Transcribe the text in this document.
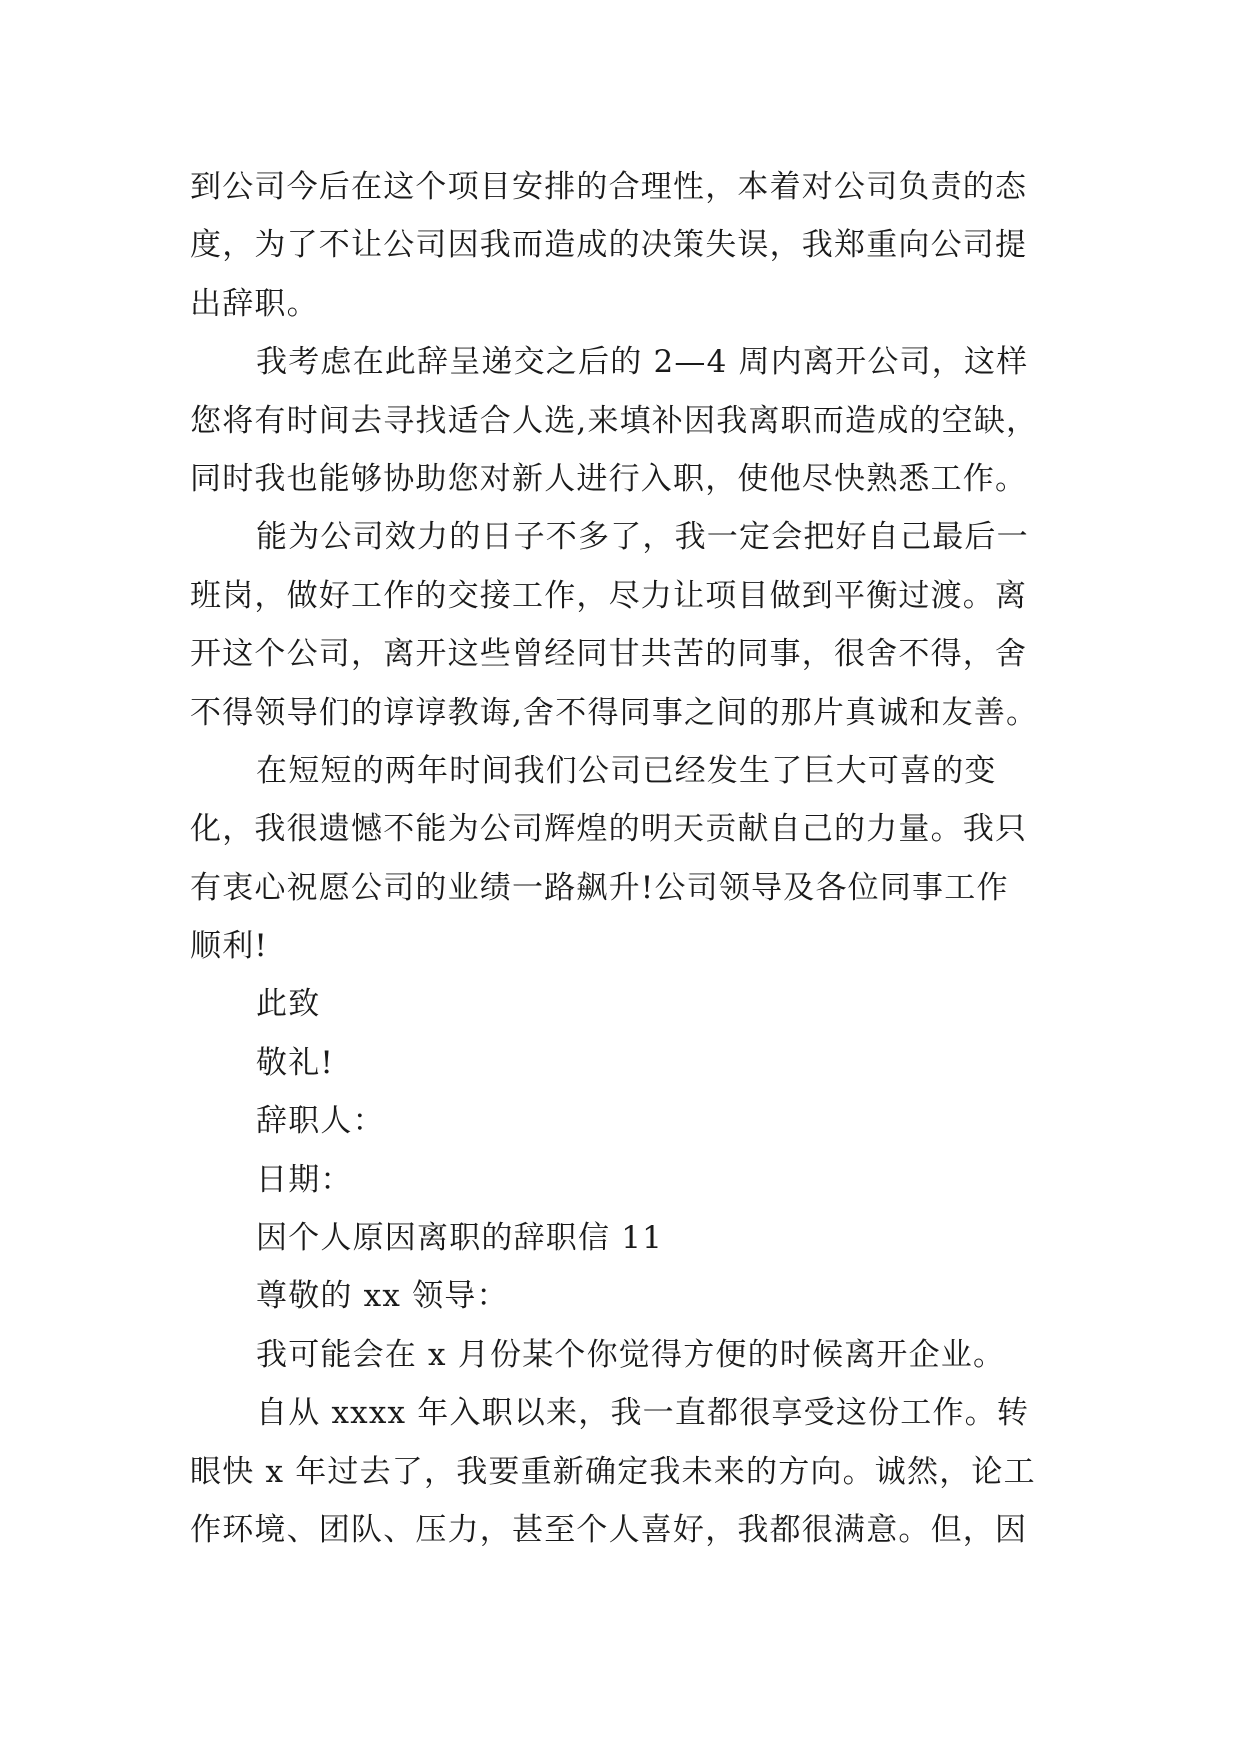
到公司今后在这个项目安排的合理性，本着对公司负责的态
度，为了不让公司因我而造成的决策失误，我郑重向公司提
出辞职。
我考虑在此辞呈递交之后的 2—4 周内离开公司，这样
您将有时间去寻找适合人选,来填补因我离职而造成的空缺，
同时我也能够协助您对新人进行入职，使他尽快熟悉工作。
能为公司效力的日子不多了，我一定会把好自己最后一
班岗，做好工作的交接工作，尽力让项目做到平衡过渡。离
开这个公司，离开这些曾经同甘共苦的同事，很舍不得，舍
不得领导们的谆谆教诲,舍不得同事之间的那片真诚和友善。
在短短的两年时间我们公司已经发生了巨大可喜的变
化，我很遗憾不能为公司辉煌的明天贡献自己的力量。我只
有衷心祝愿公司的业绩一路飙升!公司领导及各位同事工作
顺利!
此致
敬礼!
辞职人：
日期：
因个人原因离职的辞职信 11
尊敬的 xx 领导：
我可能会在 x 月份某个你觉得方便的时候离开企业。
自从 xxxx 年入职以来，我一直都很享受这份工作。转
眼快 x 年过去了，我要重新确定我未来的方向。诚然，论工
作环境、团队、压力，甚至个人喜好，我都很满意。但，因
